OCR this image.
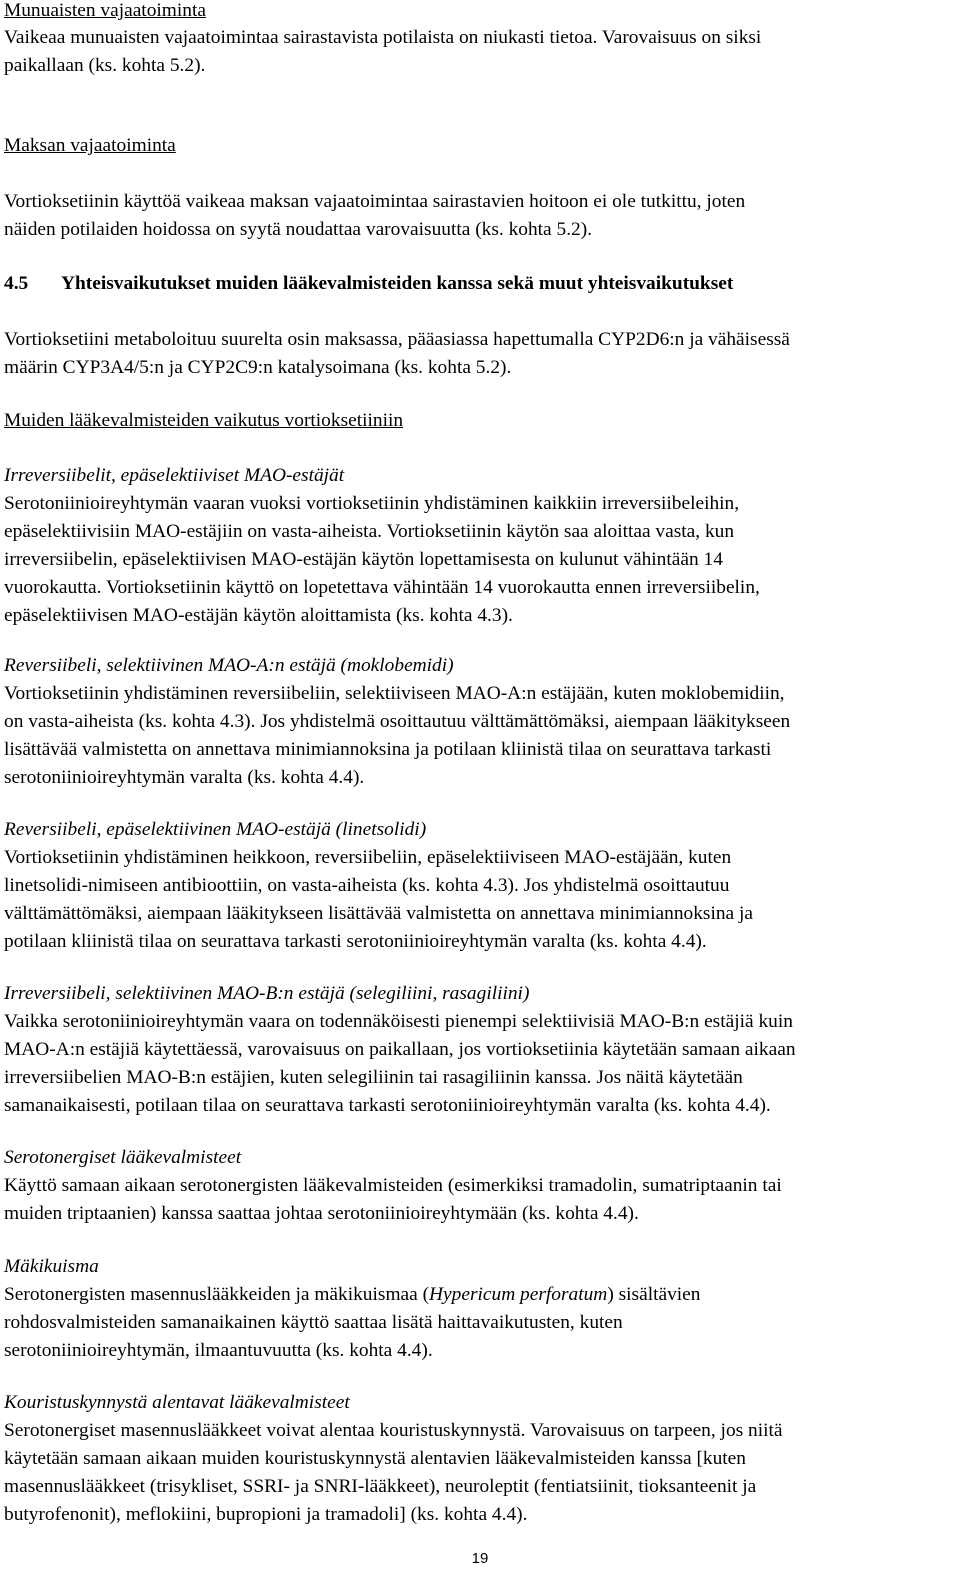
Munuaisten vajaatoiminta
Vaikeaa munuaisten vajaatoimintaa sairastavista potilaista on niukasti tietoa. Varovaisuus on siksi
paikallaan (ks. kohta 5.2).
Maksan vajaatoiminta
Vortioksetiinin käyttöä vaikeaa maksan vajaatoimintaa sairastavien hoitoon ei ole tutkittu, joten
näiden potilaiden hoidossa on syytä noudattaa varovaisuutta (ks. kohta 5.2).
4.5 Yhteisvaikutukset muiden lääkevalmisteiden kanssa sekä muut yhteisvaikutukset
Vortioksetiini metaboloituu suurelta osin maksassa, pääasiassa hapettumalla CYP2D6:n ja vähäisessä
määrin CYP3A4/5:n ja CYP2C9:n katalysoimana (ks. kohta 5.2).
Muiden lääkevalmisteiden vaikutus vortioksetiiniin
Irreversiibelit, epäselektiiviset MAO-estäjät
Serotoniinioireyhtymän vaaran vuoksi vortioksetiinin yhdistäminen kaikkiin irreversiibeleihin,
epäselektiivisiin MAO-estäjiin on vasta-aiheista. Vortioksetiinin käytön saa aloittaa vasta, kun
irreversiibelin, epäselektiivisen MAO-estäjän käytön lopettamisesta on kulunut vähintään 14
vuorokautta. Vortioksetiinin käyttö on lopetettava vähintään 14 vuorokautta ennen irreversiibelin,
epäselektiivisen MAO-estäjän käytön aloittamista (ks. kohta 4.3).
Reversiibeli, selektiivinen MAO-A:n estäjä (moklobemidi)
Vortioksetiinin yhdistäminen reversiibeliin, selektiiviseen MAO-A:n estäjään, kuten moklobemidiin,
on vasta-aiheista (ks. kohta 4.3). Jos yhdistelmä osoittautuu välttämättömäksi, aiempaan lääkitykseen
lisättävää valmistetta on annettava minimiannoksina ja potilaan kliinistä tilaa on seurattava tarkasti
serotoniinioireyhtymän varalta (ks. kohta 4.4).
Reversiibeli, epäselektiivinen MAO-estäjä (linetsolidi)
Vortioksetiinin yhdistäminen heikkoon, reversiibeliin, epäselektiiviseen MAO-estäjään, kuten
linetsolidi-nimiseen antibioottiin, on vasta-aiheista (ks. kohta 4.3). Jos yhdistelmä osoittautuu
välttämättömäksi, aiempaan lääkitykseen lisättävää valmistetta on annettava minimiannoksina ja
potilaan kliinistä tilaa on seurattava tarkasti serotoniinioireyhtymän varalta (ks. kohta 4.4).
Irreversiibeli, selektiivinen MAO-B:n estäjä (selegiliini, rasagiliini)
Vaikka serotoniinioireyhtymän vaara on todennäköisesti pienempi selektiivisiä MAO-B:n estäjiä kuin
MAO-A:n estäjiä käytettäessä, varovaisuus on paikallaan, jos vortioksetiinia käytetään samaan aikaan
irreversiibelien MAO-B:n estäjien, kuten selegiliinin tai rasagiliinin kanssa. Jos näitä käytetään
samanaikaisesti, potilaan tilaa on seurattava tarkasti serotoniinioireyhtymän varalta (ks. kohta 4.4).
Serotonergiset lääkevalmisteet
Käyttö samaan aikaan serotonergisten lääkevalmisteiden (esimerkiksi tramadolin, sumatriptaanin tai
muiden triptaanien) kanssa saattaa johtaa serotoniinioireyhtymään (ks. kohta 4.4).
Mäkikuisma
Serotonergisten masennuslääkkeiden ja mäkikuismaa (Hypericum perforatum) sisältävien
rohdosvalmisteiden samanaikainen käyttö saattaa lisätä haittavaikutusten, kuten
serotoniinioireyhtymän, ilmaantuvuutta (ks. kohta 4.4).
Kouristuskynnystä alentavat lääkevalmisteet
Serotonergiset masennuslääkkeet voivat alentaa kouristuskynnystä. Varovaisuus on tarpeen, jos niitä
käytetään samaan aikaan muiden kouristuskynnystä alentavien lääkevalmisteiden kanssa [kuten
masennuslääkkeet (trisykliset, SSRI- ja SNRI-lääkkeet), neuroleptit (fentiatsiinit, tioksanteenit ja
butyrofenonit), meflokiini, bupropioni ja tramadoli] (ks. kohta 4.4).
19
